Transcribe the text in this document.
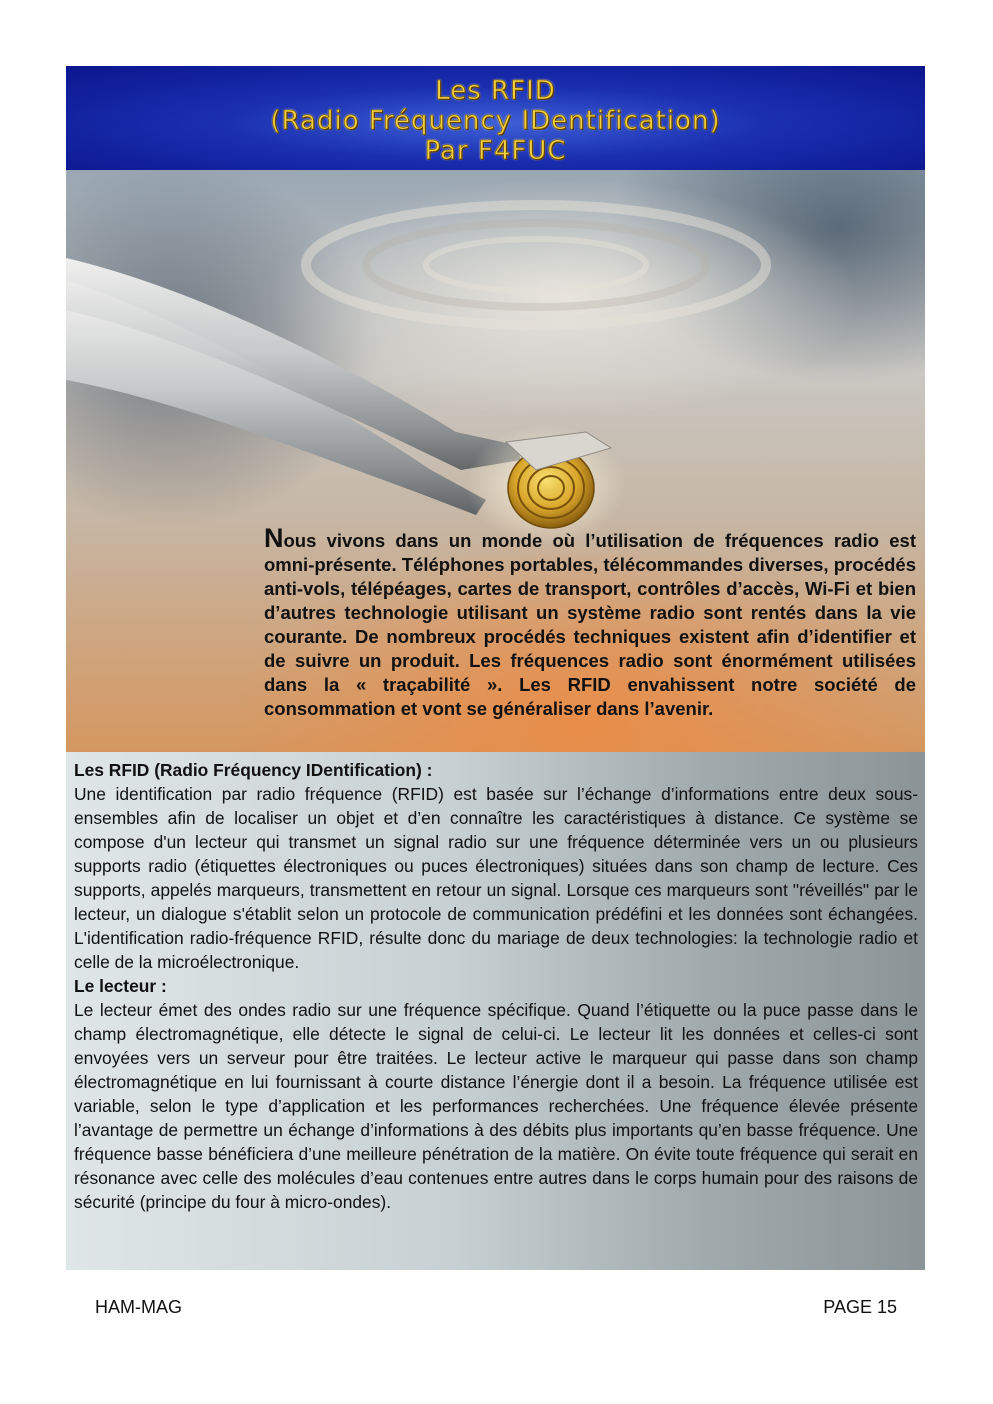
Les RFID
(Radio Fréquency IDentification)
Par F4FUC
Nous vivons dans un monde où l’utilisation de fréquences radio est omni-présente. Téléphones portables, télécommandes diverses, procédés anti-vols, télépéages, cartes de transport, contrôles d’accès, Wi-Fi et bien d’autres technologie utilisant un système radio sont rentés dans la vie courante. De nombreux procédés techniques existent afin d’identifier et de suivre un produit. Les fréquences radio sont énormément utilisées dans la « traçabilité ». Les RFID envahissent notre société de consommation et vont se généraliser dans l’avenir.

Les RFID (Radio Fréquency IDentification) :
Une identification par radio fréquence (RFID) est basée sur l’échange d’informations entre deux sous-ensembles afin de localiser un objet et d’en connaître les caractéristiques à distance. Ce système se compose d'un lecteur qui transmet un signal radio sur une fréquence déterminée vers un ou plusieurs supports radio (étiquettes électroniques ou puces électroniques) situées dans son champ de lecture. Ces supports, appelés marqueurs, transmettent en retour un signal. Lorsque ces marqueurs sont "réveillés" par le lecteur, un dialogue s'établit selon un protocole de communication prédéfini et les données sont échangées. L'identification radio-fréquence RFID, résulte donc du mariage de deux technologies: la technologie radio et celle de la microélectronique.

Le lecteur :
Le lecteur émet des ondes radio sur une fréquence spécifique. Quand l’étiquette ou la puce passe dans le champ électromagnétique, elle détecte le signal de celui-ci. Le lecteur lit les données et celles-ci sont envoyées vers un serveur pour être traitées. Le lecteur active le marqueur qui passe dans son champ électromagnétique en lui fournissant à courte distance l’énergie dont il a besoin. La fréquence utilisée est variable, selon le type d’application et les performances recherchées. Une fréquence élevée présente l’avantage de permettre un échange d’informations à des débits plus importants qu’en basse fréquence. Une fréquence basse bénéficiera d’une meilleure pénétration de la matière. On évite toute fréquence qui serait en résonance avec celle des molécules d’eau contenues entre autres dans le corps humain pour des raisons de sécurité (principe du four à micro-ondes).

HAM-MAG	PAGE 15
